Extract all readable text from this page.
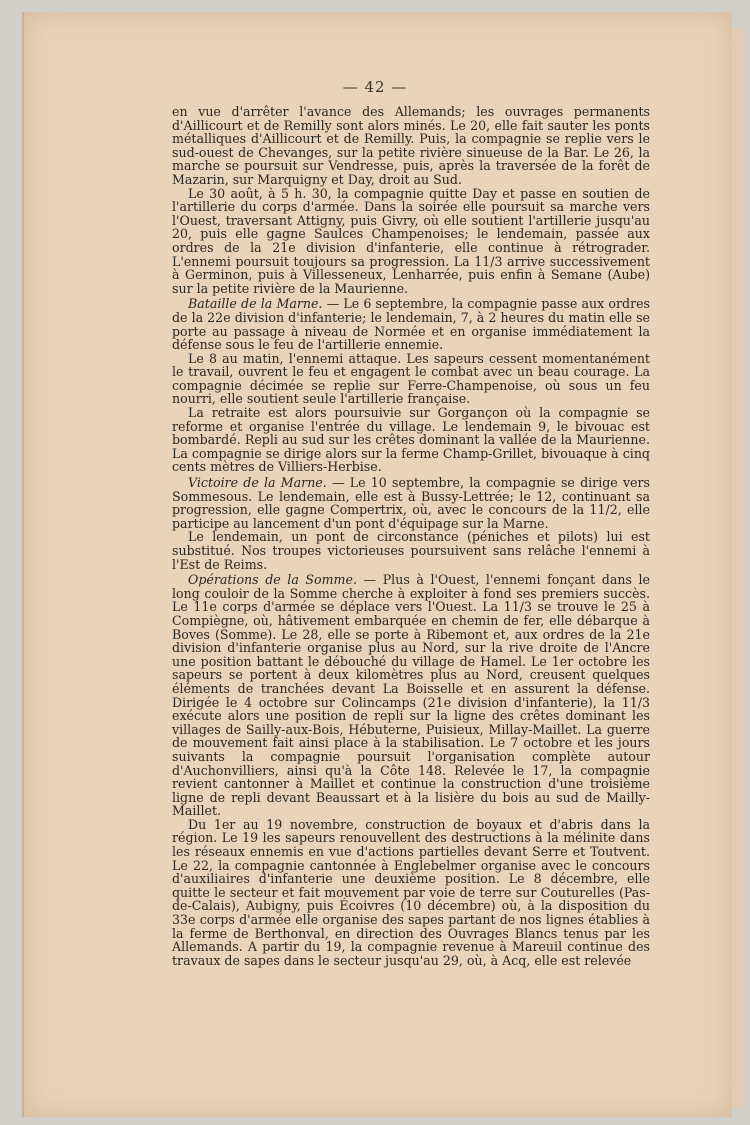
— 42 —

en vue d'arrêter l'avance des Allemands; les ouvrages permanents d'Aillicourt et de Remilly sont alors minés. Le 20, elle fait sauter les ponts métalliques d'Aillicourt et de Remilly. Puis, la compagnie se replie vers le sud-ouest de Chevanges, sur la petite rivière sinueuse de la Bar. Le 26, la marche se poursuit sur Vendresse, puis, après la traversée de la forêt de Mazarin, sur Marquigny et Day, droit au Sud.

Le 30 août, à 5 h. 30, la compagnie quitte Day et passe en soutien de l'artillerie du corps d'armée. Dans la soirée elle poursuit sa marche vers l'Ouest, traversant Attigny, puis Givry, où elle soutient l'artillerie jusqu'au 20, puis elle gagne Saulces Champenoises; le lendemain, passée aux ordres de la 21e division d'infanterie, elle continue à rétrograder. L'ennemi poursuit toujours sa progression. La 11/3 arrive successivement à Germinon, puis à Villesseneux, Lenharrée, puis enfin à Semane (Aube) sur la petite rivière de la Maurienne.

Bataille de la Marne. — Le 6 septembre, la compagnie passe aux ordres de la 22e division d'infanterie; le lendemain, 7, à 2 heures du matin elle se porte au passage à niveau de Normée et en organise immédiatement la défense sous le feu de l'artillerie ennemie.

Le 8 au matin, l'ennemi attaque. Les sapeurs cessent momentanément le travail, ouvrent le feu et engagent le combat avec un beau courage. La compagnie décimée se replie sur Ferre-Champenoise, où sous un feu nourri, elle soutient seule l'artillerie française.

La retraite est alors poursuivie sur Gorgançon où la compagnie se reforme et organise l'entrée du village. Le lendemain 9, le bivouac est bombardé. Repli au sud sur les crêtes dominant la vallée de la Maurienne. La compagnie se dirige alors sur la ferme Champ-Grillet, bivouaque à cinq cents mètres de Villiers-Herbise.

Victoire de la Marne. — Le 10 septembre, la compagnie se dirige vers Sommesous. Le lendemain, elle est à Bussy-Lettrée; le 12, continuant sa progression, elle gagne Compertrix, où, avec le concours de la 11/2, elle participe au lancement d'un pont d'équipage sur la Marne.

Le lendemain, un pont de circonstance (péniches et pilots) lui est substitué. Nos troupes victorieuses poursuivent sans relâche l'ennemi à l'Est de Reims.

Opérations de la Somme. — Plus à l'Ouest, l'ennemi fonçant dans le long couloir de la Somme cherche à exploiter à fond ses premiers succès. Le 11e corps d'armée se déplace vers l'Ouest. La 11/3 se trouve le 25 à Compiègne, où, hâtivement embarquée en chemin de fer, elle débarque à Boves (Somme). Le 28, elle se porte à Ribemont et, aux ordres de la 21e division d'infanterie organise plus au Nord, sur la rive droite de l'Ancre une position battant le débouché du village de Hamel. Le 1er octobre les sapeurs se portent à deux kilomètres plus au Nord, creusent quelques éléments de tranchées devant La Boisselle et en assurent la défense. Dirigée le 4 octobre sur Colincamps (21e division d'infanterie), la 11/3 exécute alors une position de repli sur la ligne des crêtes dominant les villages de Sailly-aux-Bois, Hébuterne, Puisieux, Millay-Maillet. La guerre de mouvement fait ainsi place à la stabilisation. Le 7 octobre et les jours suivants la compagnie poursuit l'organisation complète autour d'Auchonvilliers, ainsi qu'à la Côte 148. Relevée le 17, la compagnie revient cantonner à Maillet et continue la construction d'une troisième ligne de repli devant Beaussart et à la lisière du bois au sud de Mailly-Maillet.

Du 1er au 19 novembre, construction de boyaux et d'abris dans la région. Le 19 les sapeurs renouvellent des destructions à la mélinite dans les réseaux ennemis en vue d'actions partielles devant Serre et Toutvent. Le 22, la compagnie cantonnée à Englebelmer organise avec le concours d'auxiliaires d'infanterie une deuxième position. Le 8 décembre, elle quitte le secteur et fait mouvement par voie de terre sur Couturelles (Pas-de-Calais), Aubigny, puis Écoivres (10 décembre) où, à la disposition du 33e corps d'armée elle organise des sapes partant de nos lignes établies à la ferme de Berthonval, en direction des Ouvrages Blancs tenus par les Allemands. A partir du 19, la compagnie revenue à Mareuil continue des travaux de sapes dans le secteur jusqu'au 29, où, à Acq, elle est relevée
